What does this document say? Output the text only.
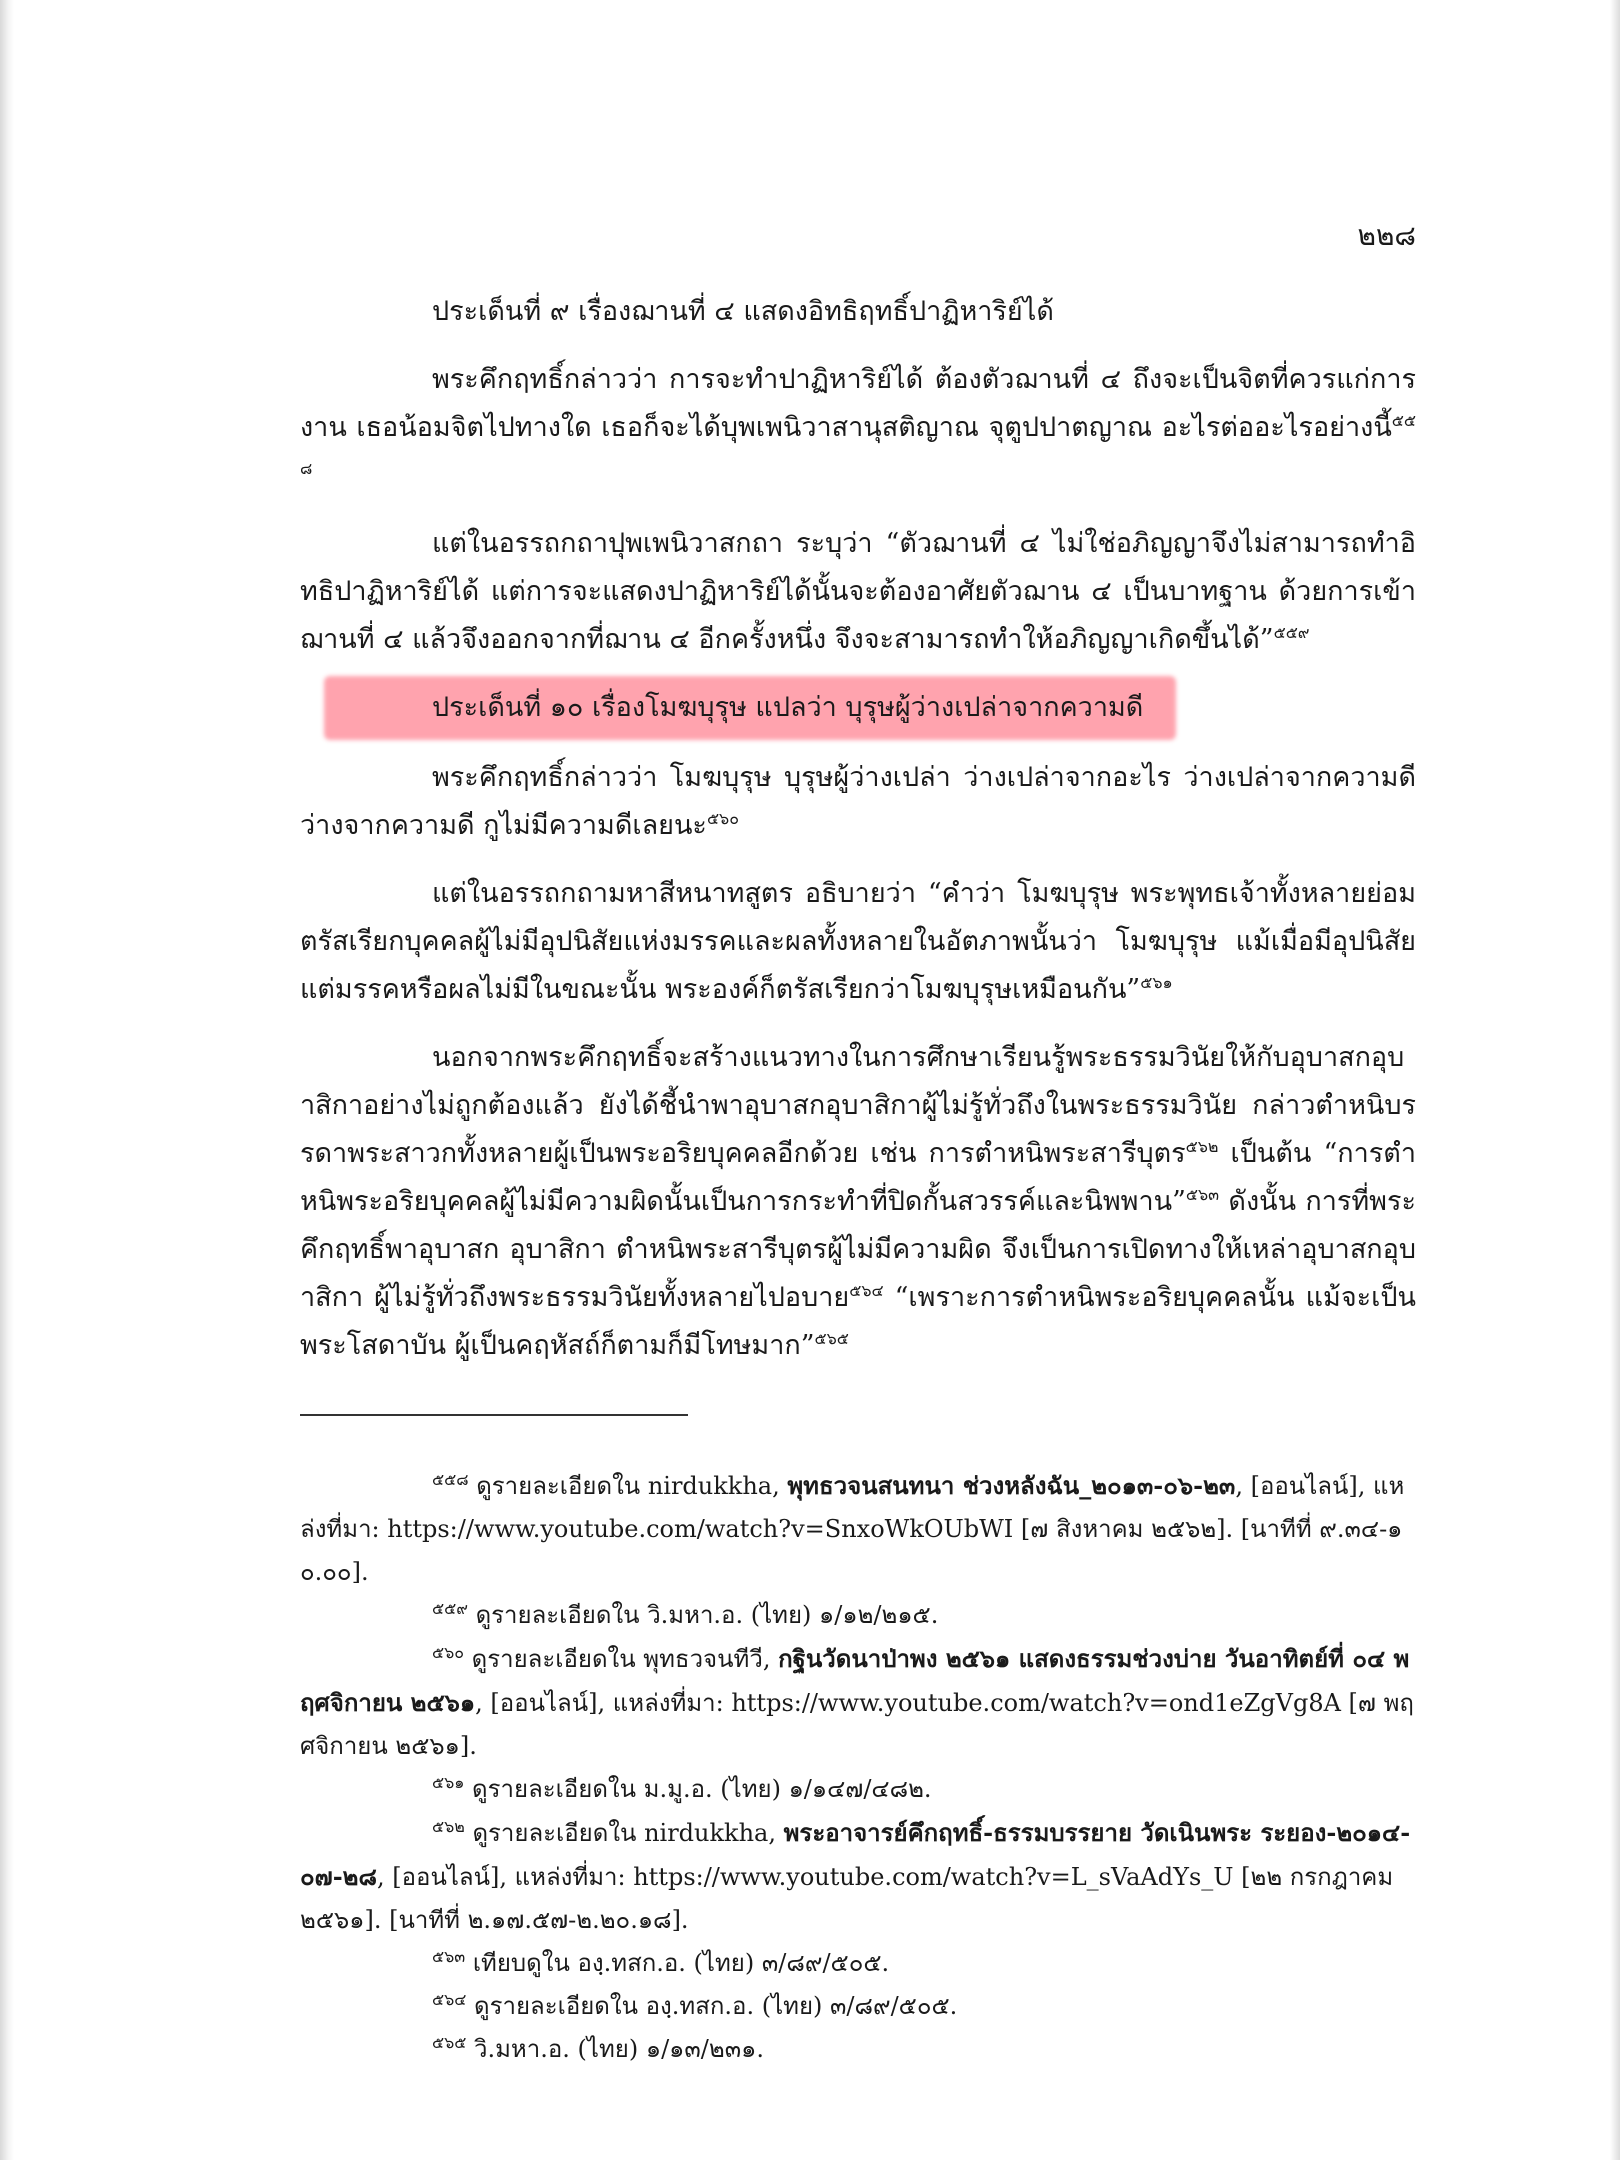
๒๒๘
ประเด็นที่ ๙ เรื่องฌานที่ ๔ แสดงอิทธิฤทธิ์ปาฏิหาริย์ได้

พระคึกฤทธิ์กล่าวว่า การจะทำปาฏิหาริย์ได้ ต้องตัวฌานที่ ๔ ถึงจะเป็นจิตที่ควรแก่การงาน เธอน้อมจิตไปทางใด เธอก็จะได้บุพเพนิวาสานุสติญาณ จุตูปปาตญาณ อะไรต่ออะไรอย่างนี้$^{๕๕๘}$

แต่ในอรรถกถาปุพเพนิวาสกถา ระบุว่า “ตัวฌานที่ ๔ ไม่ใช่อภิญญาจึงไม่สามารถทำอิทธิปาฏิหาริย์ได้ แต่การจะแสดงปาฏิหาริย์ได้นั้นจะต้องอาศัยตัวฌาน ๔ เป็นบาทฐาน ด้วยการเข้าฌานที่ ๔ แล้วจึงออกจากที่ฌาน ๔ อีกครั้งหนึ่ง จึงจะสามารถทำให้อภิญญาเกิดขึ้นได้”$^{๕๕๙}$

ประเด็นที่ ๑๐ เรื่องโมฆบุรุษ แปลว่า บุรุษผู้ว่างเปล่าจากความดี

พระคึกฤทธิ์กล่าวว่า โมฆบุรุษ บุรุษผู้ว่างเปล่า ว่างเปล่าจากอะไร ว่างเปล่าจากความดี ว่างจากความดี กูไม่มีความดีเลยนะ$^{๕๖๐}$

แต่ในอรรถกถามหาสีหนาทสูตร อธิบายว่า “คำว่า โมฆบุรุษ พระพุทธเจ้าทั้งหลายย่อมตรัสเรียกบุคคลผู้ไม่มีอุปนิสัยแห่งมรรคและผลทั้งหลายในอัตภาพนั้นว่า โมฆบุรุษ แม้เมื่อมีอุปนิสัย แต่มรรคหรือผลไม่มีในขณะนั้น พระองค์ก็ตรัสเรียกว่าโมฆบุรุษเหมือนกัน”$^{๕๖๑}$

นอกจากพระคึกฤทธิ์จะสร้างแนวทางในการศึกษาเรียนรู้พระธรรมวินัยให้กับอุบาสกอุบาสิกาอย่างไม่ถูกต้องแล้ว ยังได้ชี้นำพาอุบาสกอุบาสิกาผู้ไม่รู้ทั่วถึงในพระธรรมวินัย กล่าวตำหนิบรรดาพระสาวกทั้งหลายผู้เป็นพระอริยบุคคลอีกด้วย เช่น การตำหนิพระสารีบุตร$^{๕๖๒}$ เป็นต้น “การตำหนิพระอริยบุคคลผู้ไม่มีความผิดนั้นเป็นการกระทำที่ปิดกั้นสวรรค์และนิพพาน”$^{๕๖๓}$ ดังนั้น การที่พระคึกฤทธิ์พาอุบาสก อุบาสิกา ตำหนิพระสารีบุตรผู้ไม่มีความผิด จึงเป็นการเปิดทางให้เหล่าอุบาสกอุบาสิกา ผู้ไม่รู้ทั่วถึงพระธรรมวินัยทั้งหลายไปอบาย$^{๕๖๔}$ “เพราะการตำหนิพระอริยบุคคลนั้น แม้จะเป็นพระโสดาบัน ผู้เป็นคฤหัสถ์ก็ตามก็มีโทษมาก”$^{๕๖๕}$

$^{๕๕๘}$ ดูรายละเอียดใน nirdukkha, พุทธวจนสนทนา ช่วงหลังฉัน_๒๐๑๓-๐๖-๒๓, [ออนไลน์], แหล่งที่มา: https://www.youtube.com/watch?v=SnxoWkOUbWI [๗ สิงหาคม ๒๕๖๒]. [นาทีที่ ๙.๓๔-๑๐.๐๐].

$^{๕๕๙}$ ดูรายละเอียดใน วิ.มหา.อ. (ไทย) ๑/๑๒/๒๑๕.

$^{๕๖๐}$ ดูรายละเอียดใน พุทธวจนทีวี, กฐินวัดนาป่าพง ๒๕๖๑ แสดงธรรมช่วงบ่าย วันอาทิตย์ที่ ๐๔ พฤศจิกายน ๒๕๖๑, [ออนไลน์], แหล่งที่มา: https://www.youtube.com/watch?v=ond1eZgVg8A [๗ พฤศจิกายน ๒๕๖๑].

$^{๕๖๑}$ ดูรายละเอียดใน ม.มู.อ. (ไทย) ๑/๑๔๗/๔๘๒.

$^{๕๖๒}$ ดูรายละเอียดใน nirdukkha, พระอาจารย์คึกฤทธิ์-ธรรมบรรยาย วัดเนินพระ ระยอง-๒๐๑๔-๐๗-๒๘, [ออนไลน์], แหล่งที่มา: https://www.youtube.com/watch?v=L_sVaAdYs_U [๒๒ กรกฎาคม ๒๕๖๑]. [นาทีที่ ๒.๑๗.๕๗-๒.๒๐.๑๘].

$^{๕๖๓}$ เทียบดูใน องฺ.ทสก.อ. (ไทย) ๓/๘๙/๕๐๕.

$^{๕๖๔}$ ดูรายละเอียดใน องฺ.ทสก.อ. (ไทย) ๓/๘๙/๕๐๕.

$^{๕๖๕}$ วิ.มหา.อ. (ไทย) ๑/๑๓/๒๓๑.
